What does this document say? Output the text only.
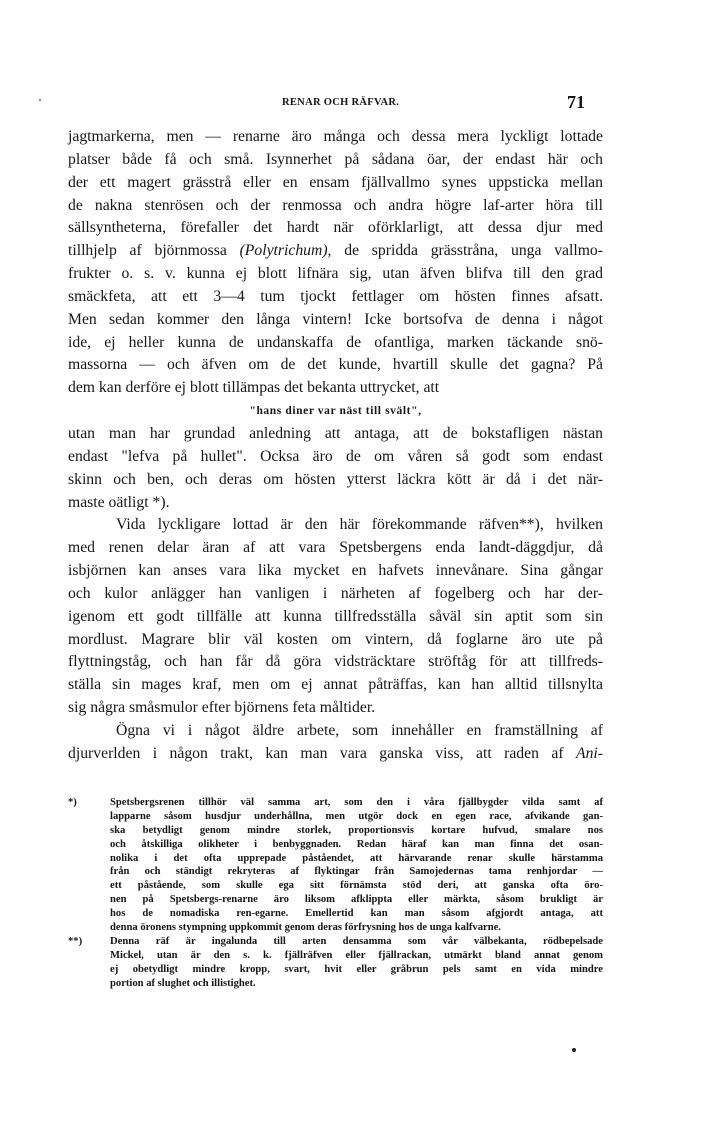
RENAR OCH RÄFVAR.	71
jagtmarkerna, men — renarne äro många och dessa mera lyckligt lottade
platser både få och små. Isynnerhet på sådana öar, der endast här och
der ett magert grässtrå eller en ensam fjällvallmo synes uppsticka mellan
de nakna stenrösen och der renmossa och andra högre laf-arter höra till
sällsyntheterna, förefaller det hardt när oförklarligt, att dessa djur med
tillhjelp af björnmossa (Polytrichum), de spridda grässtråna, unga vallmo-
frukter o. s. v. kunna ej blott lifnära sig, utan äfven blifva till den grad
smäckfeta, att ett 3—4 tum tjockt fettlager om hösten finnes afsatt.
Men sedan kommer den långa vintern! Icke bortsofva de denna i något
ide, ej heller kunna de undanskaffa de ofantliga, marken täckande snö-
massorna — och äfven om de det kunde, hvartill skulle det gagna? På
dem kan derföre ej blott tillämpas det bekanta uttrycket, att
"hans diner var näst till svält",
utan man har grundad anledning att antaga, att de bokstafligen nästan
endast "lefva på hullet". Ocksa äro de om våren så godt som endast
skinn och ben, och deras om hösten ytterst läckra kött är då i det när-
maste oätligt *).
Vida lyckligare lottad är den här förekommande räfven**), hvilken
med renen delar äran af att vara Spetsbergens enda landt-däggdjur, då
isbjörnen kan anses vara lika mycket en hafvets innevånare. Sina gångar
och kulor anlägger han vanligen i närheten af fogelberg och har der-
igenom ett godt tillfälle att kunna tillfredsställa såväl sin aptit som sin
mordlust. Magrare blir väl kosten om vintern, då foglarne äro ute på
flyttningståg, och han får då göra vidsträcktare ströftåg för att tillfreds-
ställa sin mages kraf, men om ej annat påträffas, kan han alltid tillsnylta
sig några småsmulor efter björnens feta måltider.
Ögna vi i något äldre arbete, som innehåller en framställning af
djurverlden i någon trakt, kan man vara ganska viss, att raden af Ani-
*)	Spetsbergsrenen tillhör väl samma art, som den i våra fjällbygder vilda samt af
lapparne såsom husdjur underhållna, men utgör dock en egen race, afvikande gan-
ska betydligt genom mindre storlek, proportionsvis kortare hufvud, smalare nos
och åtskilliga olikheter i benbyggnaden. Redan häraf kan man finna det osan-
nolika i det ofta upprepade påståendet, att härvarande renar skulle härstamma
från och ständigt rekryteras af flyktingar från Samojedernas tama renhjordar —
ett påstående, som skulle ega sitt förnämsta stöd deri, att ganska ofta öro-
nen på Spetsbergs-renarne äro liksom afklippta eller märkta, såsom brukligt är
hos de nomadiska ren-egarne. Emellertid kan man såsom afgjordt antaga, att
denna öronens stympning uppkommit genom deras förfrysning hos de unga kalfvarne.
**)	Denna räf är ingalunda till arten densamma som vår välbekanta, rödbepelsade
Mickel, utan är den s. k. fjällräfven eller fjällrackan, utmärkt bland annat genom
ej obetydligt mindre kropp, svart, hvit eller gråbrun pels samt en vida mindre
portion af slughet och illistighet.
